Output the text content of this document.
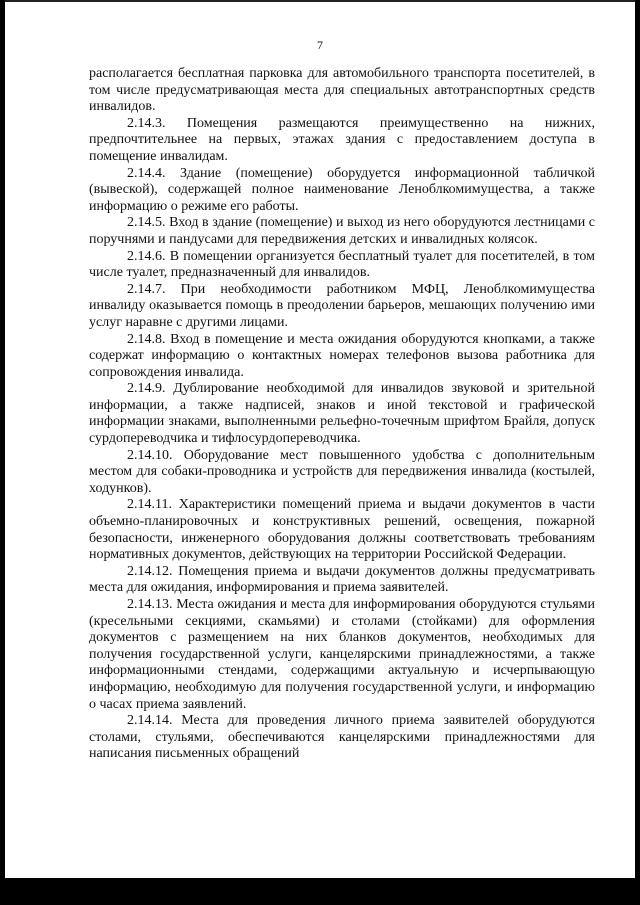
7

располагается бесплатная парковка для автомобильного транспорта посетителей, в том числе предусматривающая места для специальных автотранспортных средств инвалидов.

2.14.3. Помещения размещаются преимущественно на нижних, предпочтительнее на первых, этажах здания с предоставлением доступа в помещение инвалидам.

2.14.4. Здание (помещение) оборудуется информационной табличкой (вывеской), содержащей полное наименование Леноблкомимущества, а также информацию о режиме его работы.

2.14.5. Вход в здание (помещение) и выход из него оборудуются лестницами с поручнями и пандусами для передвижения детских и инвалидных колясок.

2.14.6. В помещении организуется бесплатный туалет для посетителей, в том числе туалет, предназначенный для инвалидов.

2.14.7. При необходимости работником МФЦ, Леноблкомимущества инвалиду оказывается помощь в преодолении барьеров, мешающих получению ими услуг наравне с другими лицами.

2.14.8. Вход в помещение и места ожидания оборудуются кнопками, а также содержат информацию о контактных номерах телефонов вызова работника для сопровождения инвалида.

2.14.9. Дублирование необходимой для инвалидов звуковой и зрительной информации, а также надписей, знаков и иной текстовой и графической информации знаками, выполненными рельефно-точечным шрифтом Брайля, допуск сурдопереводчика и тифлосурдопереводчика.

2.14.10. Оборудование мест повышенного удобства с дополнительным местом для собаки-проводника и устройств для передвижения инвалида (костылей, ходунков).

2.14.11. Характеристики помещений приема и выдачи документов в части объемно-планировочных и конструктивных решений, освещения, пожарной безопасности, инженерного оборудования должны соответствовать требованиям нормативных документов, действующих на территории Российской Федерации.

2.14.12. Помещения приема и выдачи документов должны предусматривать места для ожидания, информирования и приема заявителей.

2.14.13. Места ожидания и места для информирования оборудуются стульями (кресельными секциями, скамьями) и столами (стойками) для оформления документов с размещением на них бланков документов, необходимых для получения государственной услуги, канцелярскими принадлежностями, а также информационными стендами, содержащими актуальную и исчерпывающую информацию, необходимую для получения государственной услуги, и информацию о часах приема заявлений.

2.14.14. Места для проведения личного приема заявителей оборудуются столами, стульями, обеспечиваются канцелярскими принадлежностями для написания письменных обращений
